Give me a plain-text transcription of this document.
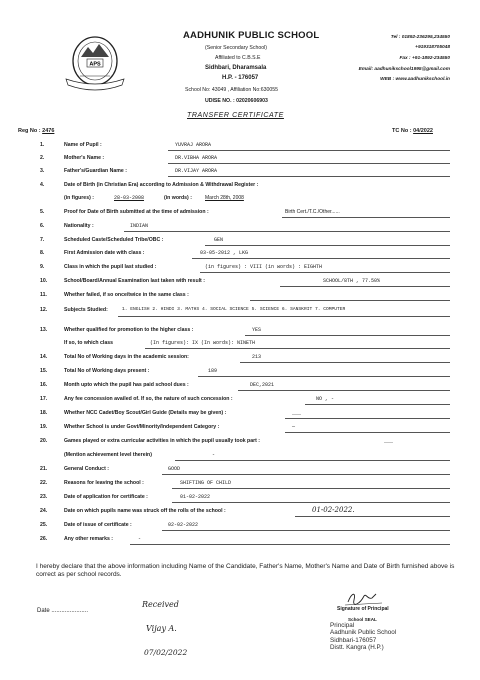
APS
AADHUNIK PUBLIC SCHOOL
(Senior Secondary School)
Affiliated to C.B.S.E
Sidhbari, Dharamsala
H.P. - 176057
School No: 43049 , Affiliation No:630055
UDISE NO. : 02020606903
Tel : 01892-236295,234550
+919318705048
Fax : +91-1892-234550
Email: aadhunikschool1995@gmail.com
WEB : www.aadhunikschool.in
TRANSFER CERTIFICATE
Reg No : 2476	TC No : 04/2022
1.	Name of Pupil :	YUVRAJ ARORA
2.	Mother's Name :	DR.VIBHA ARORA
3.	Father's/Guardian Name :	DR.VIJAY ARORA
4.	Date of Birth (in Christian Era) according to Admission & Withdrawal Register :
(in figures) :	28-03-2008	(in words) :	March 28th, 2008
5.	Proof for Date of Birth submitted at the time of admission :	Birth Cert./T.C./Other......
6.	Nationality :	INDIAN
7.	Scheduled Caste/Scheduled Tribe/OBC :	GEN
8.	First Admission date with class :	03-05-2012 , LKG
9.	Class in which the pupil last studied :	(in figures) : VIII (in words) : EIGHTH
10.	School/Board/Annual Examination last taken with result :	SCHOOL/8TH , 77.50%
11.	Whether failed, if so once/twice in the same class :
12.	Subjects Studied:	1. ENGLISH 2. HINDI 3. MATHS 4. SOCIAL SCIENCE 5. SCIENCE 6. SANSKRIT 7. COMPUTER
13.	Whether qualified for promotion to the higher class :	YES
If so, to which class	(In figures): IX (In words): NINETH
14.	Total No of Working days in the academic session:	213
15.	Total No of Working days present :	189
16.	Month upto which the pupil has paid school dues :	DEC,2021
17.	Any fee concession availed of. If so, the nature of such concession :	NO , -
18.	Whether NCC Cadet/Boy Scout/Girl Guide (Details may be given) :	___
19.	Whether School is under Govt/Minority/Independent Category :	—
20.	Games played or extra curricular activities in which the pupil usually took part :	___
(Mention achievement level therein)	-
21.	General Conduct :	GOOD
22.	Reasons for leaving the school :	SHIFTING OF CHILD
23.	Date of application for certificate :	01-02-2022
24.	Date on which pupils name was struck off the rolls of the school :	01-02-2022.
25.	Date of issue of certificate :	02-02-2022
26.	Any other remarks :	-
I hereby declare that the above information including Name of the Candidate, Father's Name, Mother's Name and Date of Birth furnished above is correct as per school records.
Signature of Principal
School SEAL
Principal
Aadhunik Public School
Sidhbari-176057
Distt. Kangra (H.P.)
Date ......................
Received
Vijay A.
07/02/2022
